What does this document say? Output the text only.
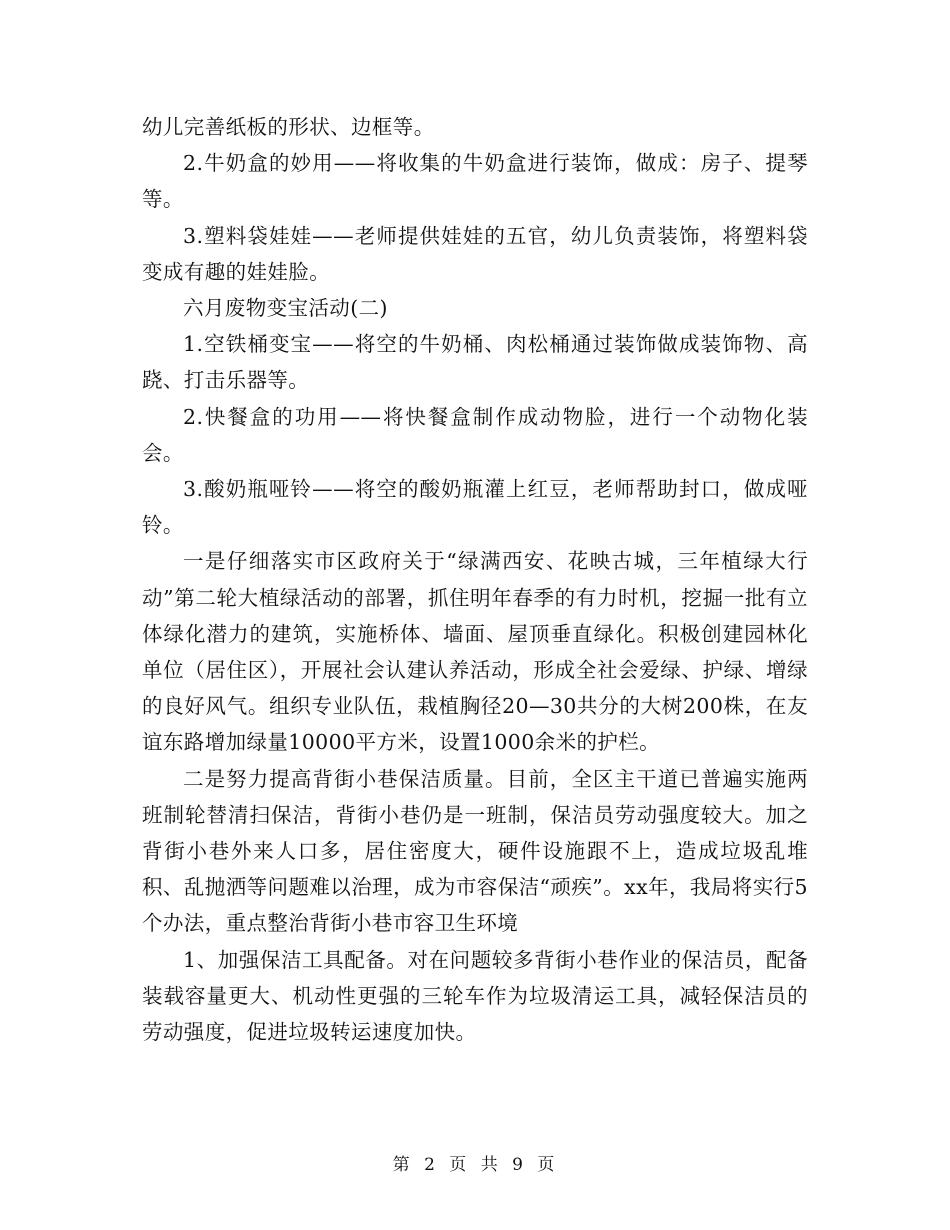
幼儿完善纸板的形状、边框等。

2.牛奶盒的妙用——将收集的牛奶盒进行装饰，做成：房子、提琴等。

3.塑料袋娃娃——老师提供娃娃的五官，幼儿负责装饰，将塑料袋变成有趣的娃娃脸。

六月废物变宝活动(二)

1.空铁桶变宝——将空的牛奶桶、肉松桶通过装饰做成装饰物、高跷、打击乐器等。

2.快餐盒的功用——将快餐盒制作成动物脸，进行一个动物化装会。

3.酸奶瓶哑铃——将空的酸奶瓶灌上红豆，老师帮助封口，做成哑铃。

一是仔细落实市区政府关于“绿满西安、花映古城，三年植绿大行动”第二轮大植绿活动的部署，抓住明年春季的有力时机，挖掘一批有立体绿化潜力的建筑，实施桥体、墙面、屋顶垂直绿化。积极创建园林化单位（居住区），开展社会认建认养活动，形成全社会爱绿、护绿、增绿的良好风气。组织专业队伍，栽植胸径20—30共分的大树200株，在友谊东路增加绿量10000平方米，设置1000余米的护栏。

二是努力提高背街小巷保洁质量。目前，全区主干道已普遍实施两班制轮替清扫保洁，背街小巷仍是一班制，保洁员劳动强度较大。加之背街小巷外来人口多，居住密度大，硬件设施跟不上，造成垃圾乱堆积、乱抛洒等问题难以治理，成为市容保洁“顽疾”。xx年，我局将实行5个办法，重点整治背街小巷市容卫生环境

1、加强保洁工具配备。对在问题较多背街小巷作业的保洁员，配备装载容量更大、机动性更强的三轮车作为垃圾清运工具，减轻保洁员的劳动强度，促进垃圾转运速度加快。

第 2 页 共 9 页
